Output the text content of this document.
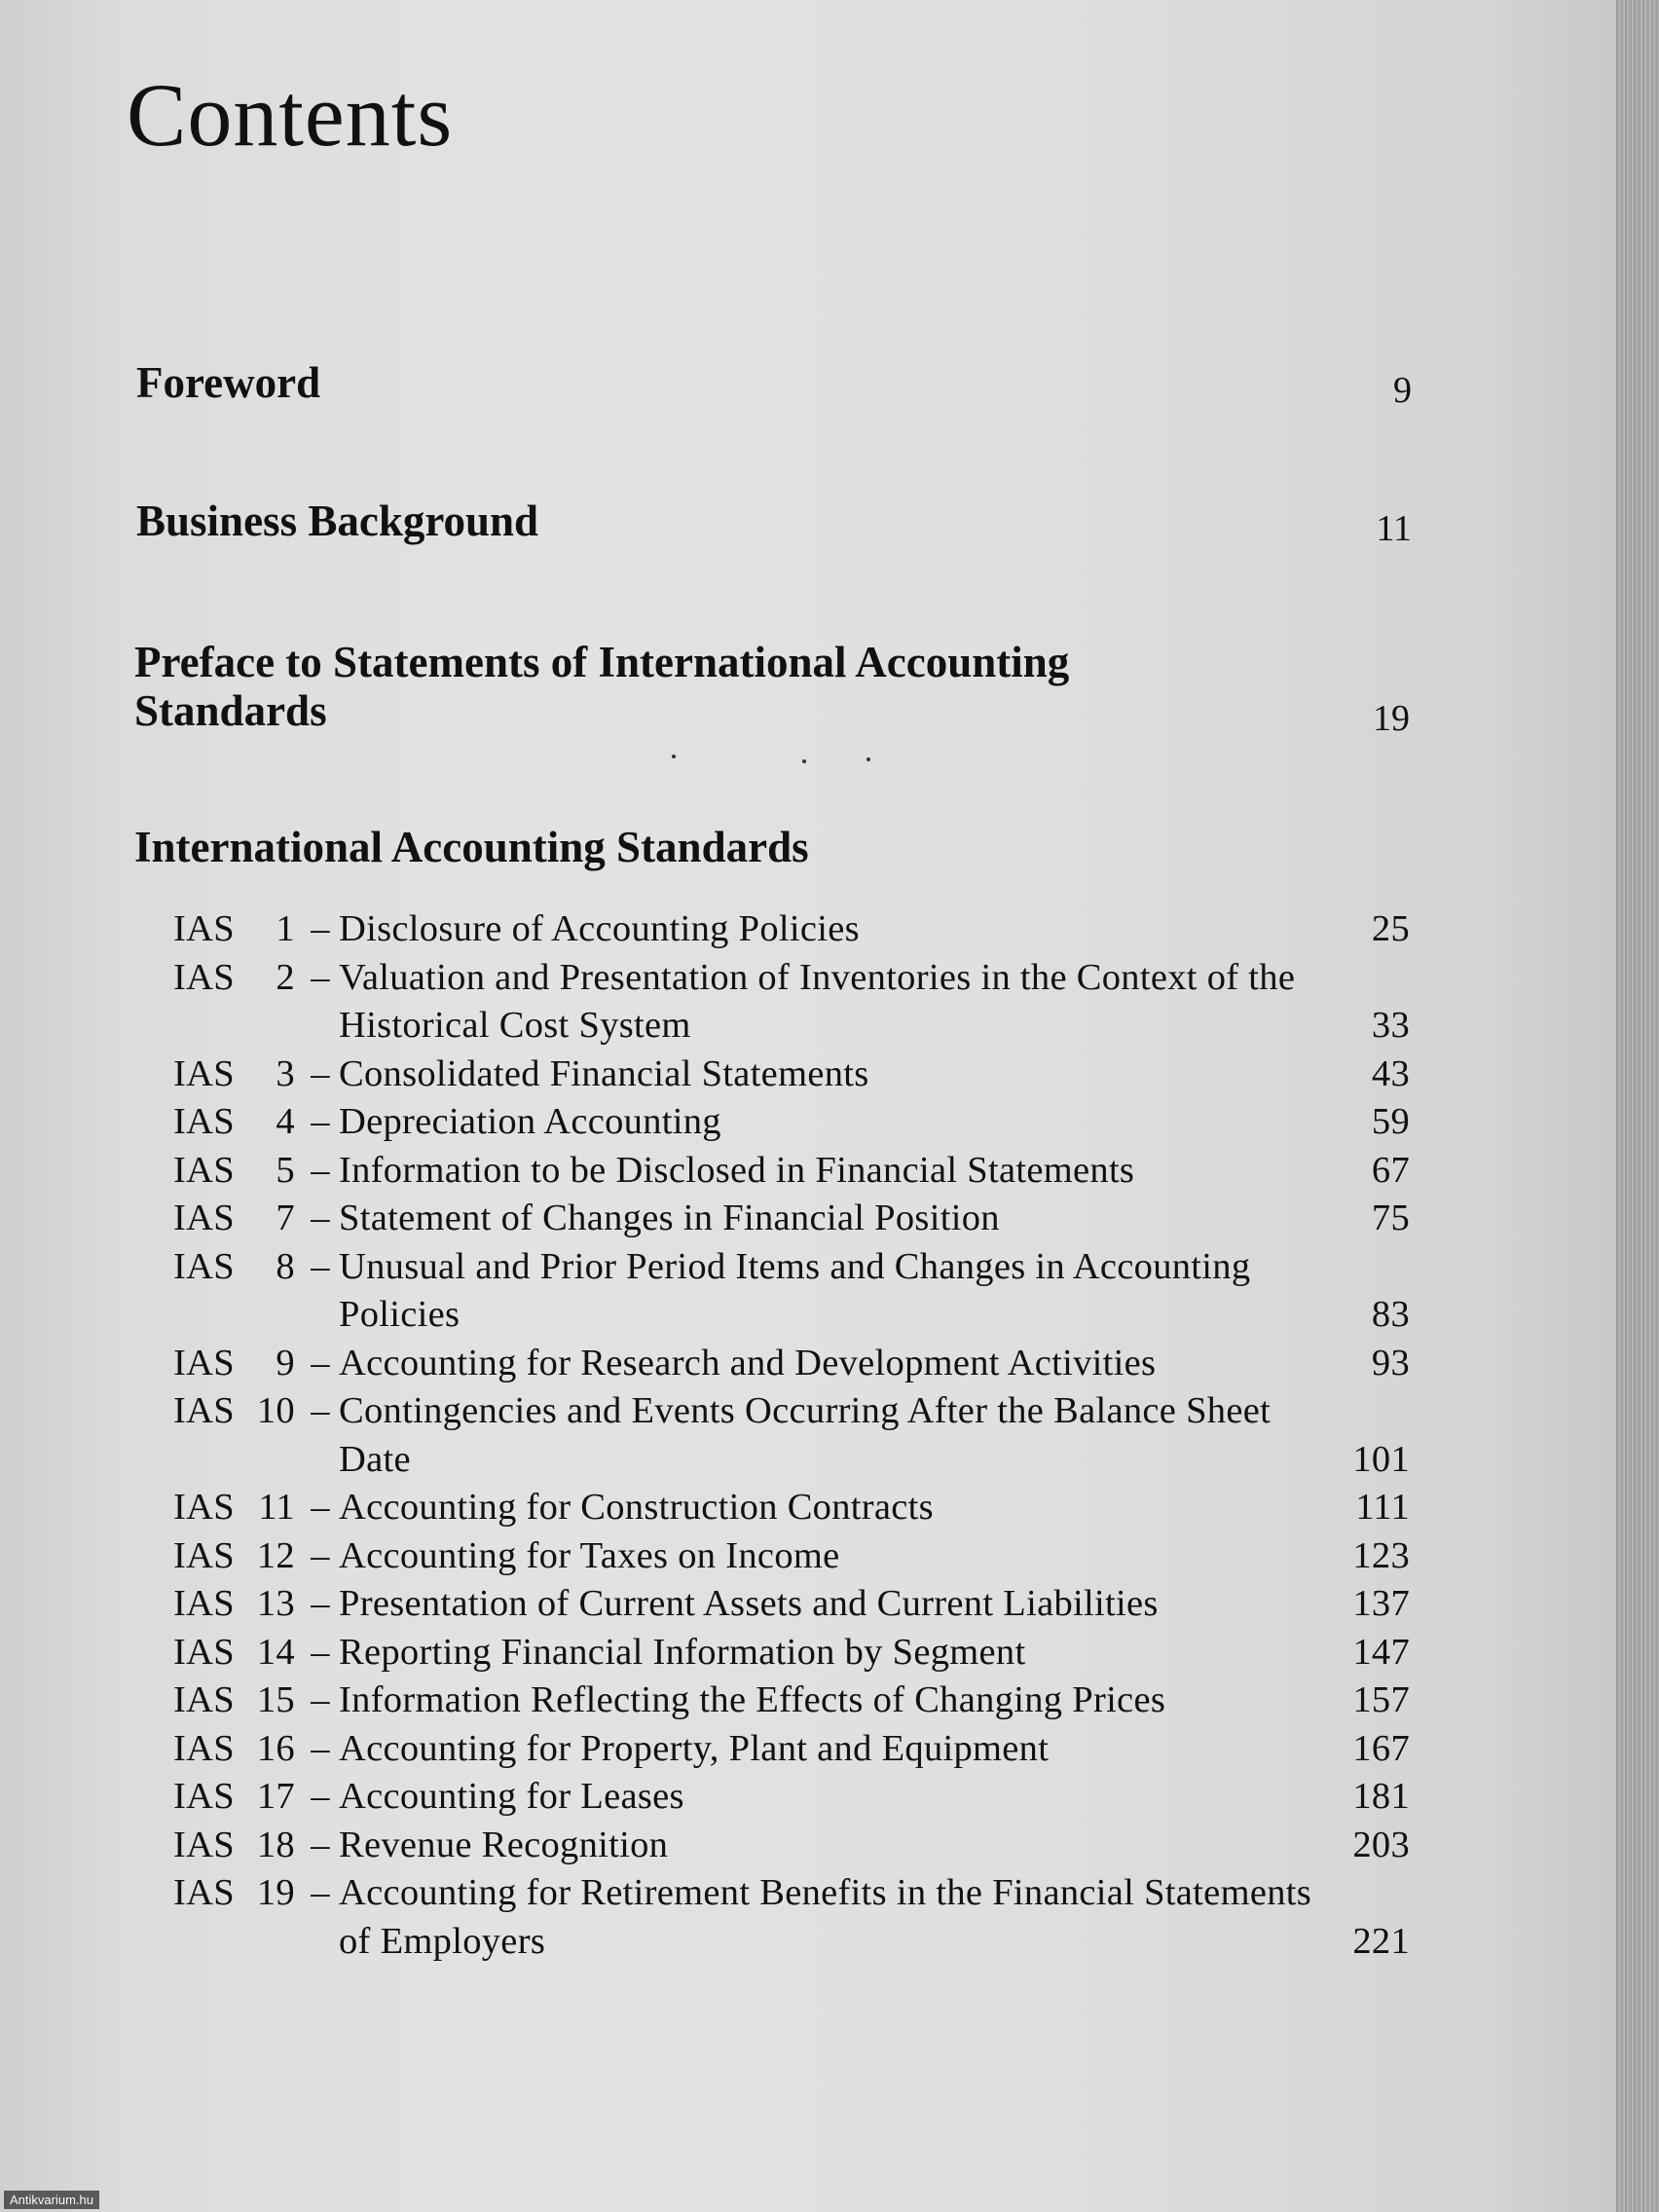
Contents
Foreword	9
Business Background	11
Preface to Statements of International Accounting Standards	19
International Accounting Standards
IAS 1 – Disclosure of Accounting Policies	25
IAS 2 – Valuation and Presentation of Inventories in the Context of the Historical Cost System	33
IAS 3 – Consolidated Financial Statements	43
IAS 4 – Depreciation Accounting	59
IAS 5 – Information to be Disclosed in Financial Statements	67
IAS 7 – Statement of Changes in Financial Position	75
IAS 8 – Unusual and Prior Period Items and Changes in Accounting Policies	83
IAS 9 – Accounting for Research and Development Activities	93
IAS 10 – Contingencies and Events Occurring After the Balance Sheet Date	101
IAS 11 – Accounting for Construction Contracts	111
IAS 12 – Accounting for Taxes on Income	123
IAS 13 – Presentation of Current Assets and Current Liabilities	137
IAS 14 – Reporting Financial Information by Segment	147
IAS 15 – Information Reflecting the Effects of Changing Prices	157
IAS 16 – Accounting for Property, Plant and Equipment	167
IAS 17 – Accounting for Leases	181
IAS 18 – Revenue Recognition	203
IAS 19 – Accounting for Retirement Benefits in the Financial Statements of Employers	221
Antikvarium.hu
